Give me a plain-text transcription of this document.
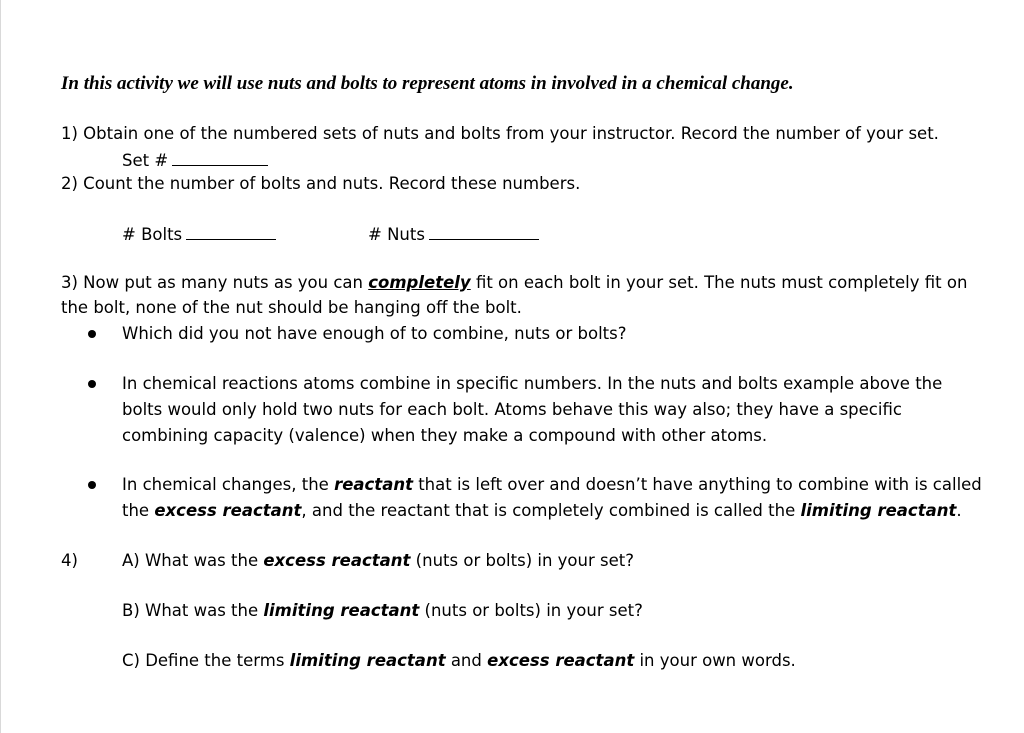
In this activity we will use nuts and bolts to represent atoms in involved in a chemical change.
1) Obtain one of the numbered sets of nuts and bolts from your instructor. Record the number of your set.
Set #
2) Count the number of bolts and nuts. Record these numbers.
# Bolts	# Nuts
3) Now put as many nuts as you can completely fit on each bolt in your set. The nuts must completely fit on
the bolt, none of the nut should be hanging off the bolt.
Which did you not have enough of to combine, nuts or bolts?
In chemical reactions atoms combine in specific numbers. In the nuts and bolts example above the
bolts would only hold two nuts for each bolt. Atoms behave this way also; they have a specific
combining capacity (valence) when they make a compound with other atoms.
In chemical changes, the reactant that is left over and doesn’t have anything to combine with is called
the excess reactant, and the reactant that is completely combined is called the limiting reactant.
4)	A) What was the excess reactant (nuts or bolts) in your set?
B) What was the limiting reactant (nuts or bolts) in your set?
C) Define the terms limiting reactant and excess reactant in your own words.
